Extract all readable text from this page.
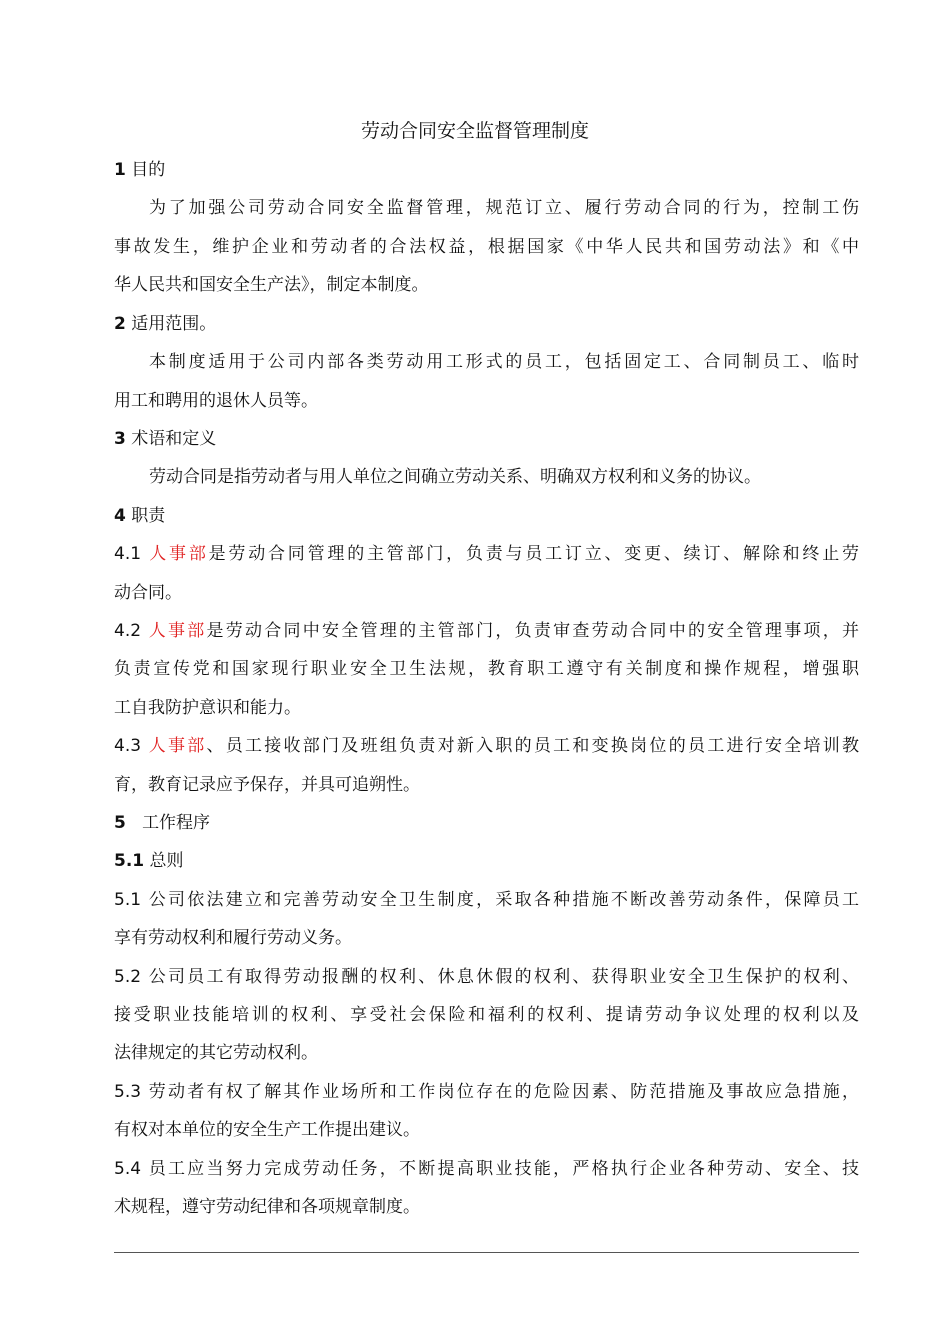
劳动合同安全监督管理制度
1 目的
为了加强公司劳动合同安全监督管理，规范订立、履行劳动合同的行为，控制工伤
事故发生，维护企业和劳动者的合法权益，根据国家《中华人民共和国劳动法》和《中
华人民共和国安全生产法》，制定本制度。
2 适用范围。
本制度适用于公司内部各类劳动用工形式的员工，包括固定工、合同制员工、临时
用工和聘用的退休人员等。
3 术语和定义
劳动合同是指劳动者与用人单位之间确立劳动关系、明确双方权利和义务的协议。
4 职责
4.1 人事部是劳动合同管理的主管部门，负责与员工订立、变更、续订、解除和终止劳
动合同。
4.2 人事部是劳动合同中安全管理的主管部门，负责审查劳动合同中的安全管理事项，并
负责宣传党和国家现行职业安全卫生法规，教育职工遵守有关制度和操作规程，增强职
工自我防护意识和能力。
4.3 人事部、员工接收部门及班组负责对新入职的员工和变换岗位的员工进行安全培训教
育，教育记录应予保存，并具可追朔性。
5 工作程序
5.1 总则
5.1 公司依法建立和完善劳动安全卫生制度，采取各种措施不断改善劳动条件，保障员工
享有劳动权利和履行劳动义务。
5.2 公司员工有取得劳动报酬的权利、休息休假的权利、获得职业安全卫生保护的权利、
接受职业技能培训的权利、享受社会保险和福利的权利、提请劳动争议处理的权利以及
法律规定的其它劳动权利。
5.3 劳动者有权了解其作业场所和工作岗位存在的危险因素、防范措施及事故应急措施，
有权对本单位的安全生产工作提出建议。
5.4 员工应当努力完成劳动任务，不断提高职业技能，严格执行企业各种劳动、安全、技
术规程，遵守劳动纪律和各项规章制度。
